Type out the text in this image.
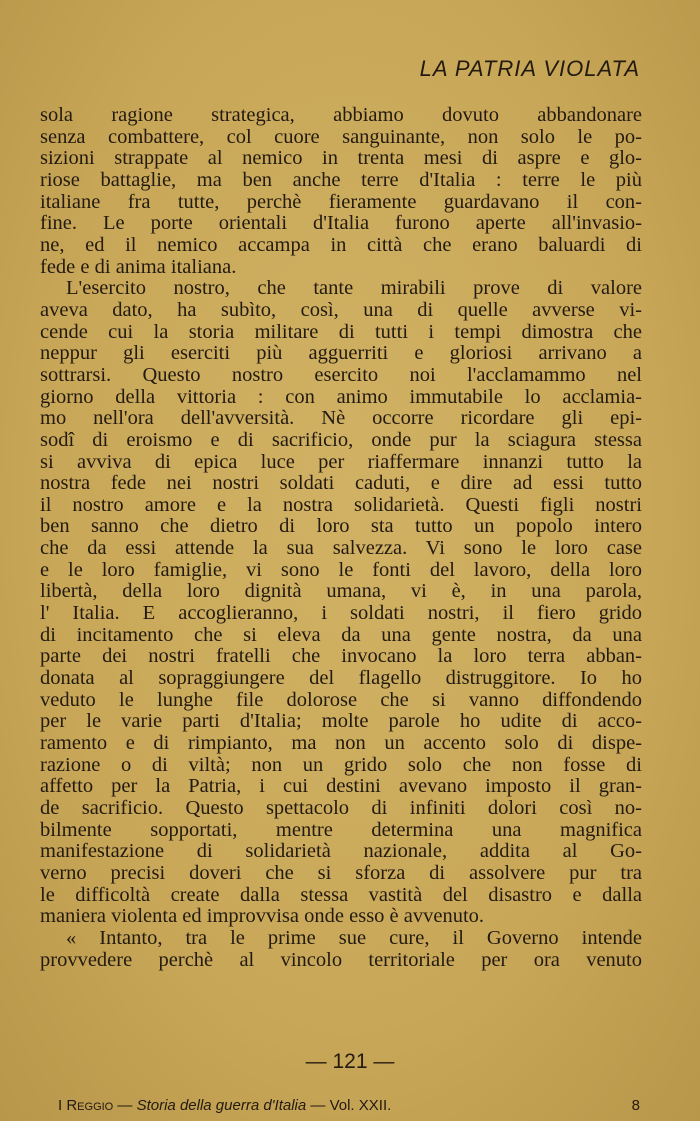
LA PATRIA VIOLATA

sola ragione strategica, abbiamo dovuto abbandonare
senza combattere, col cuore sanguinante, non solo le po-
sizioni strappate al nemico in trenta mesi di aspre e glo-
riose battaglie, ma ben anche terre d'Italia : terre le più
italiane fra tutte, perchè fieramente guardavano il con-
fine. Le porte orientali d'Italia furono aperte all'invasio-
ne, ed il nemico accampa in città che erano baluardi di
fede e di anima italiana.

L'esercito nostro, che tante mirabili prove di valore
aveva dato, ha subìto, così, una di quelle avverse vi-
cende cui la storia militare di tutti i tempi dimostra che
neppur gli eserciti più agguerriti e gloriosi arrivano a
sottrarsi. Questo nostro esercito noi l'acclamammo nel
giorno della vittoria : con animo immutabile lo acclamia-
mo nell'ora dell'avversità. Nè occorre ricordare gli epi-
sodî di eroismo e di sacrificio, onde pur la sciagura stessa
si avviva di epica luce per riaffermare innanzi tutto la
nostra fede nei nostri soldati caduti, e dire ad essi tutto
il nostro amore e la nostra solidarietà. Questi figli nostri
ben sanno che dietro di loro sta tutto un popolo intero
che da essi attende la sua salvezza. Vi sono le loro case
e le loro famiglie, vi sono le fonti del lavoro, della loro
libertà, della loro dignità umana, vi è, in una parola,
l' Italia. E accoglieranno, i soldati nostri, il fiero grido
di incitamento che si eleva da una gente nostra, da una
parte dei nostri fratelli che invocano la loro terra abban-
donata al sopraggiungere del flagello distruggitore. Io ho
veduto le lunghe file dolorose che si vanno diffondendo
per le varie parti d'Italia; molte parole ho udite di acco-
ramento e di rimpianto, ma non un accento solo di dispe-
razione o di viltà; non un grido solo che non fosse di
affetto per la Patria, i cui destini avevano imposto il gran-
de sacrificio. Questo spettacolo di infiniti dolori così no-
bilmente sopportati, mentre determina una magnifica
manifestazione di solidarietà nazionale, addita al Go-
verno precisi doveri che si sforza di assolvere pur tra
le difficoltà create dalla stessa vastità del disastro e dalla
maniera violenta ed improvvisa onde esso è avvenuto.

« Intanto, tra le prime sue cure, il Governo intende
provvedere perchè al vincolo territoriale per ora venuto

— 121 —
I Reggio — Storia della guerra d'Italia — Vol. XXII.	8
